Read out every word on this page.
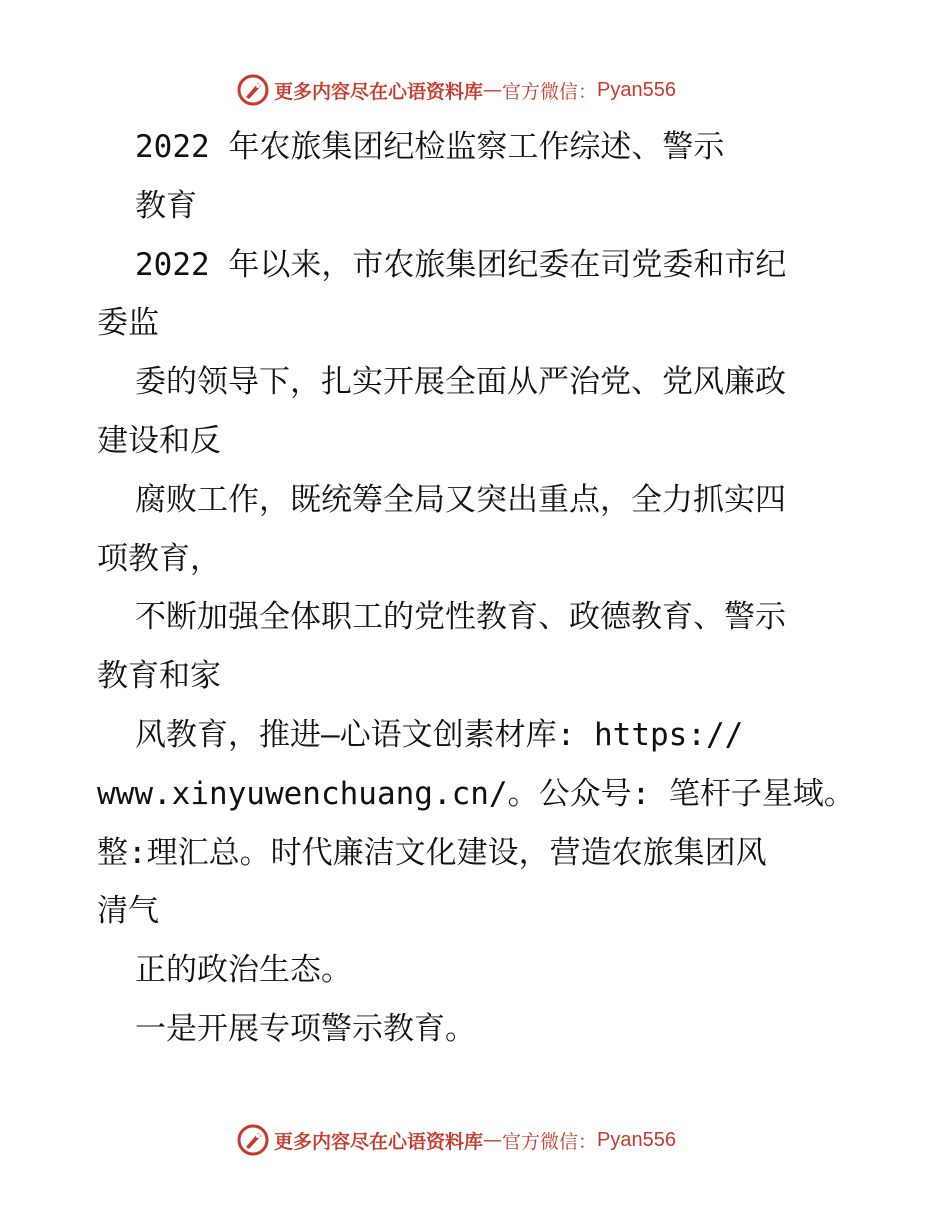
更多内容尽在心语资料库 — 官方微信： Pyan556
2022 年农旅集团纪检监察工作综述、警示
教育
2022 年以来，市农旅集团纪委在司党委和市纪
委监
委的领导下，扎实开展全面从严治党、党风廉政
建设和反
腐败工作，既统筹全局又突出重点，全力抓实四
项教育，
不断加强全体职工的党性教育、政德教育、警示
教育和家
风教育，推进—心语文创素材库: https://
www.xinyuwenchuang.cn/。公众号: 笔杆子星域。
整:理汇总。时代廉洁文化建设，营造农旅集团风
清气
正的政治生态。
一是开展专项警示教育。
更多内容尽在心语资料库 — 官方微信： Pyan556
